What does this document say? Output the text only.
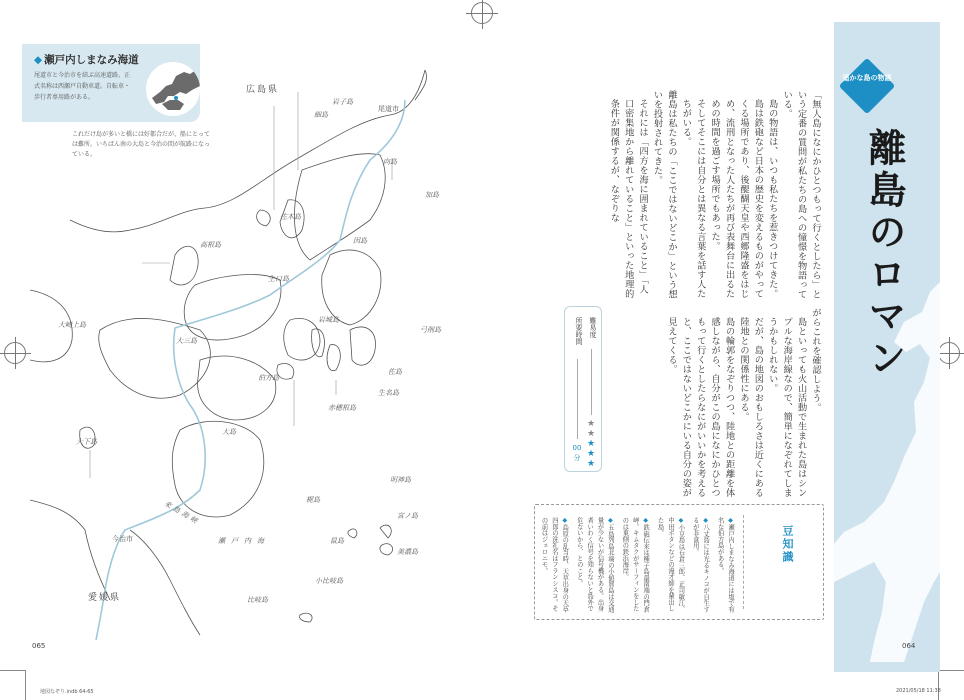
◆ 瀬戸内しまなみ海道
尾道市と今治市を結ぶ高速道路。正式名称は西瀬戸自動車道。自転車・歩行者専用路がある。
これだけ島が多いと橋には好都合だが、船にとっては難所。いちばん南の大島と今治の間が航路になっている。
広島県
愛媛県
尾道市
今治市	瀬戸内海
来島海峡
岩子島
細島
向島
加島
佐木島
因島
高根島
生口島
岩城島
弓削島
佐島
生名島
赤穂根島
伯方島
大三島
大崎上島
大島
大下島
明神島
梶島
宮ノ島
鼠島
美濃島
小比岐島
比岐島
065
地図なぞり.indb 64-65
064
遥かな島の物語
離島のロマン

「無人島になにかひとつもって行くとしたら」という定番の質問が私たちの島への憧憬を物語っている。

島の物語は、いつも私たちを惹きつけてきた。

島は鉄砲など日本の歴史を変えるものがやってくる場所であり、後醍醐天皇や西郷隆盛をはじめ、流刑となった人たちが再び表舞台に出るための時間を過ごす場所でもあった。

そしてそこには自分とは異なる言葉を話す人たちがいる。

離島は私たちの「ここではないどこか」という想いを投射されてきた。

それには「四方を海に囲まれていること」「人口密集地から離れていること」といった地理的条件が関係するが、なぞりな

がらこれを確認しよう。

島といっても火山活動で生まれた島はシンプルな海岸線なので、簡単になぞれてしまうかもしれない。

だが、島の地図のおもしろさは近くにある陸地との関係性にある。

島の輪郭をなぞりつつ、陸地との距離を体感しながら、自分がこの島になにかひとつもって行くとしたらなにがいいかを考えると、ここではないどこかにいる自分の姿が見えてくる。

難易度
所要時間
★
★
★
★
★
00
分
豆知識
◆瀬戸内しまなみ海道には塩で有名な伯方島がある。
◆八丈島には光るキノコが自生するが非食用。
◆小豆島は石倉三郎、正司敏江、中田ボタンなどの漫才師を輩出した島。
◆鉄砲伝来は種子島最南端の門倉岬。キムタクがサーフィンをしたのは東側の鉄浜海岸。
◆五島列島北端の小値賀島は交通量が少ないが信号機がある。出身者いわく信号を知らないと島外で危ないから、とのこと。
◆島原の乱当時、天草出身の天草四郎の洗礼名はフランシスコ。その前はジェロニモ。
2021/05/18 11:38
